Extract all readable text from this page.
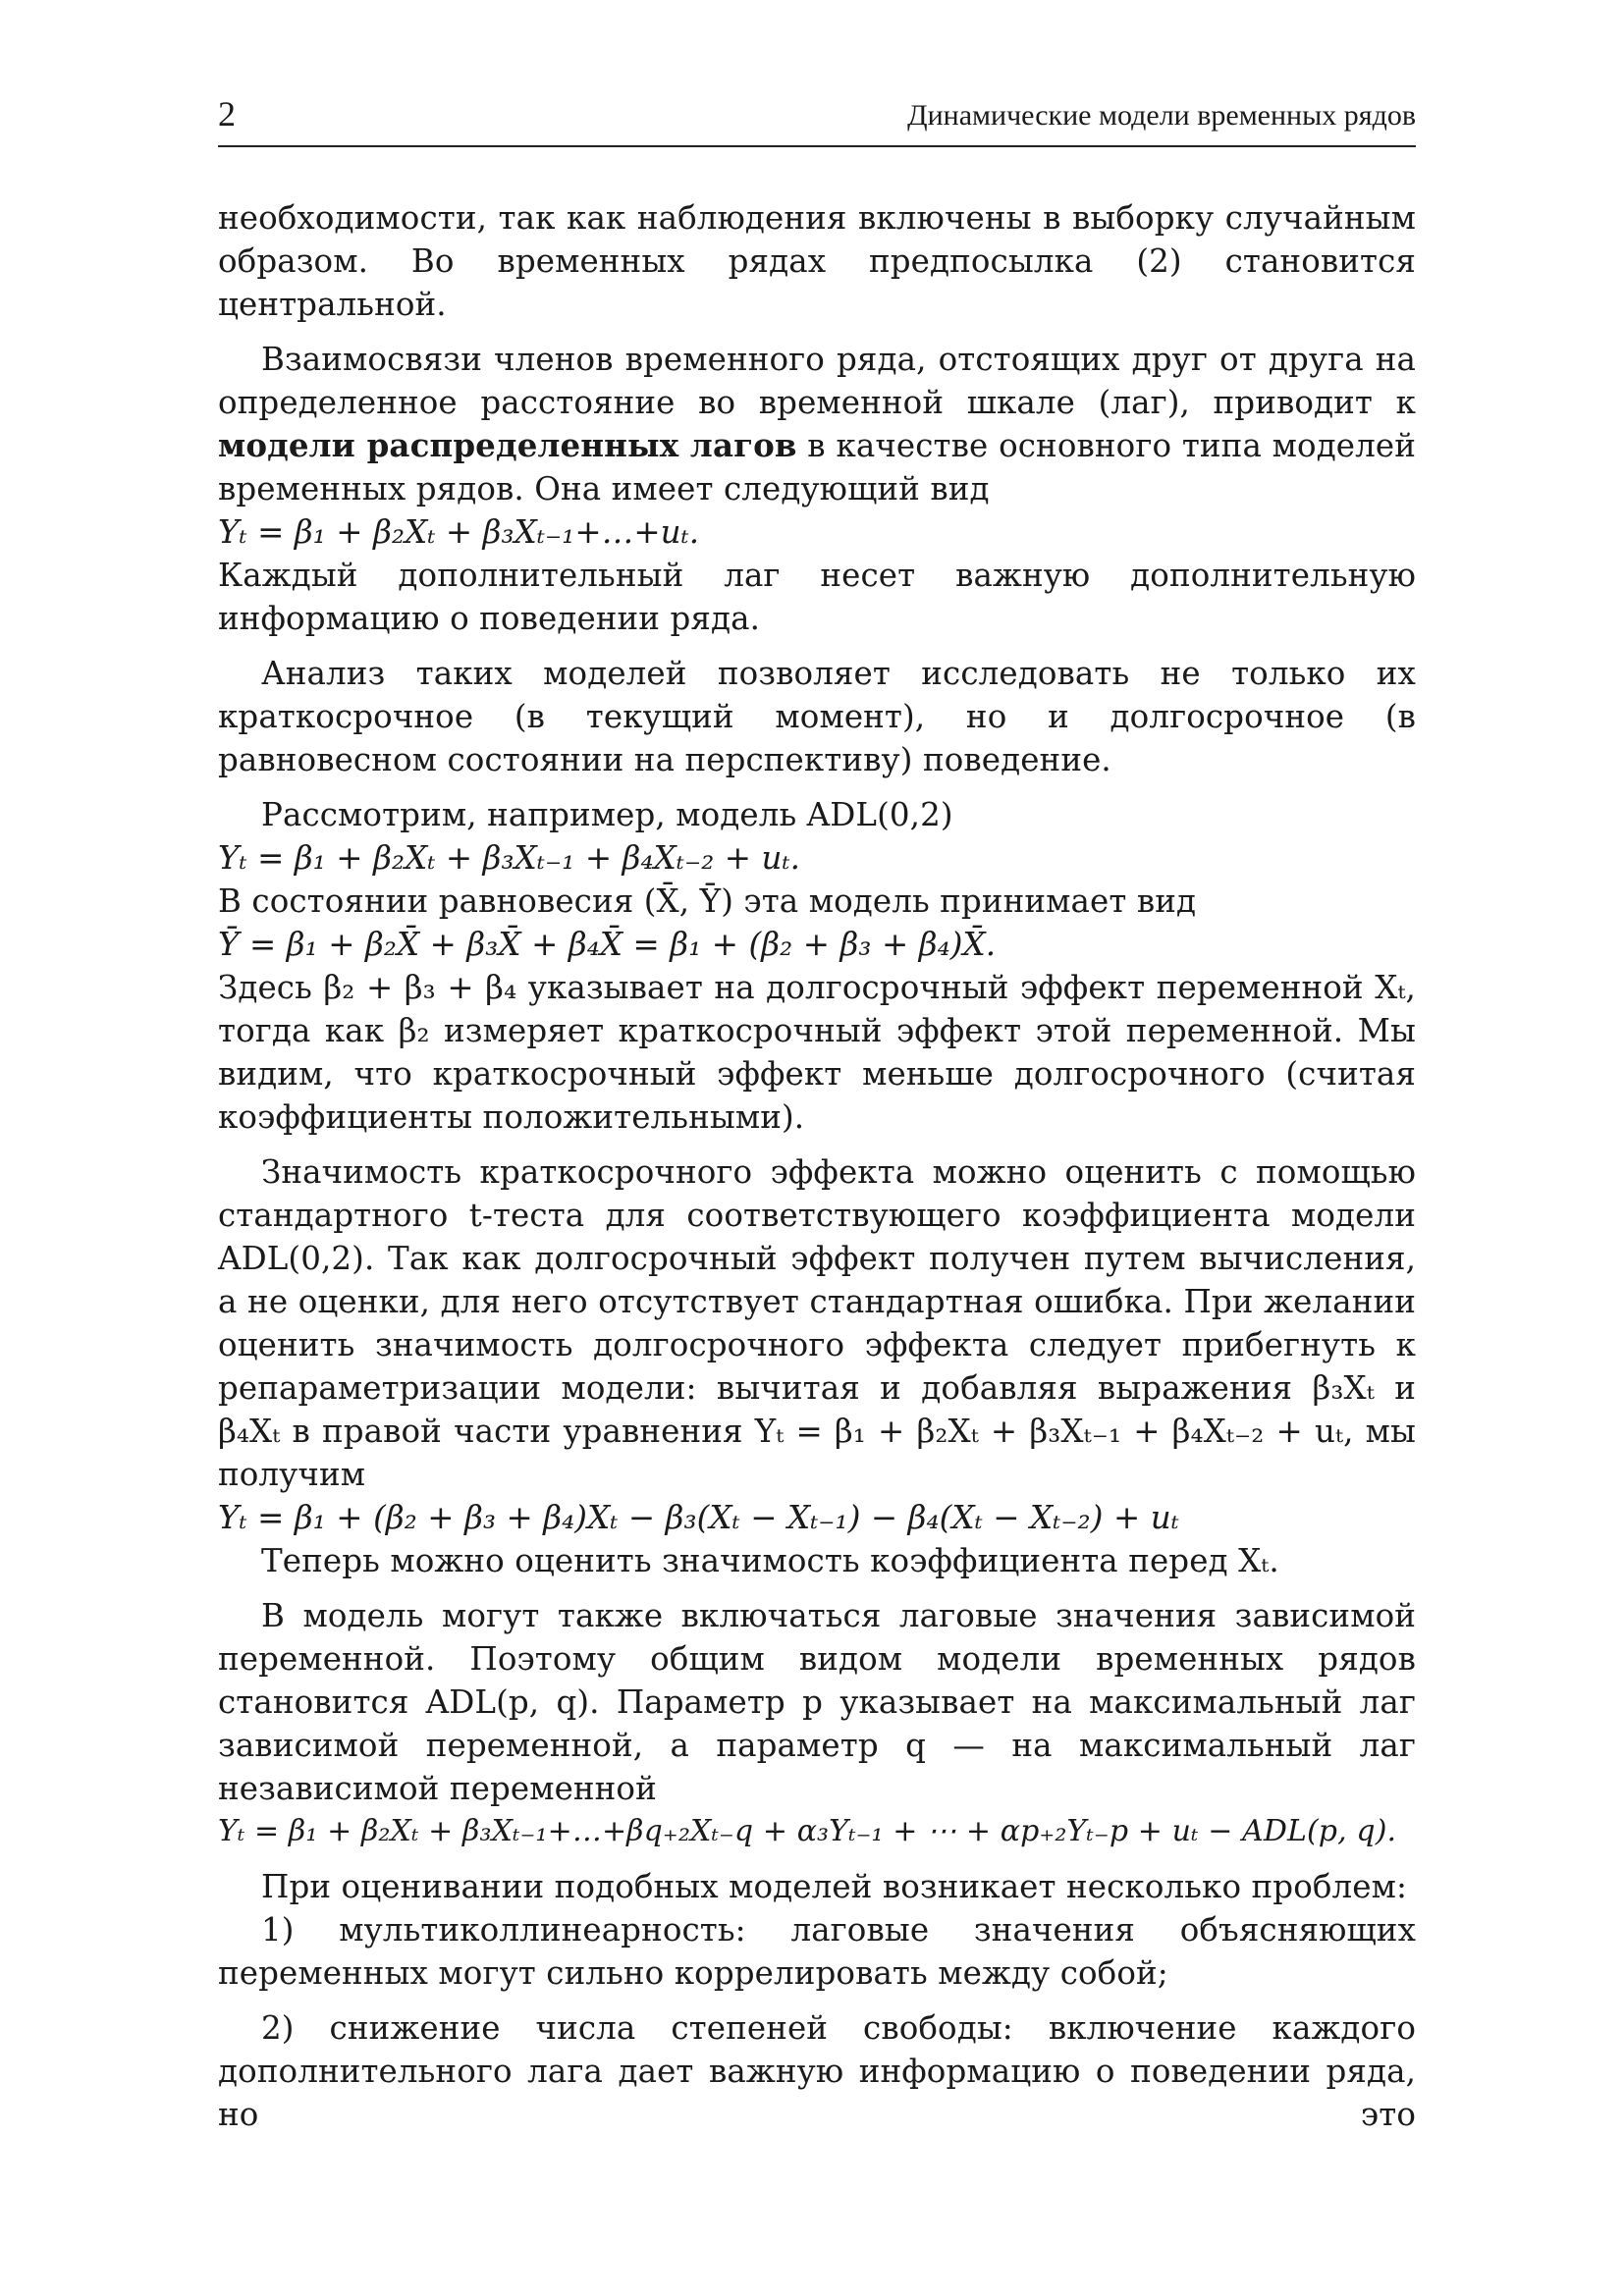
2	Динамические модели временных рядов

необходимости, так как наблюдения включены в выборку случайным образом. Во временных рядах предпосылка (2) становится центральной.

Взаимосвязи членов временного ряда, отстоящих друг от друга на определенное расстояние во временной шкале (лаг), приводит к модели распределенных лагов в качестве основного типа моделей временных рядов. Она имеет следующий вид

Yₜ = β₁ + β₂Xₜ + β₃Xₜ₋₁+…+uₜ.

Каждый дополнительный лаг несет важную дополнительную информацию о поведении ряда.

Анализ таких моделей позволяет исследовать не только их краткосрочное (в текущий момент), но и долгосрочное (в равновесном состоянии на перспективу) поведение.

Рассмотрим, например, модель ADL(0,2)

Yₜ = β₁ + β₂Xₜ + β₃Xₜ₋₁ + β₄Xₜ₋₂ + uₜ.

В состоянии равновесия (X̄, Ȳ) эта модель принимает вид

Ȳ = β₁ + β₂X̄ + β₃X̄ + β₄X̄ = β₁ + (β₂ + β₃ + β₄)X̄.

Здесь β₂ + β₃ + β₄ указывает на долгосрочный эффект переменной Xₜ, тогда как β₂ измеряет краткосрочный эффект этой переменной. Мы видим, что краткосрочный эффект меньше долгосрочного (считая коэффициенты положительными).

Значимость краткосрочного эффекта можно оценить с помощью стандартного t-теста для соответствующего коэффициента модели ADL(0,2). Так как долгосрочный эффект получен путем вычисления, а не оценки, для него отсутствует стандартная ошибка. При желании оценить значимость долгосрочного эффекта следует прибегнуть к репараметризации модели: вычитая и добавляя выражения β₃Xₜ и β₄Xₜ в правой части уравнения Yₜ = β₁ + β₂Xₜ + β₃Xₜ₋₁ + β₄Xₜ₋₂ + uₜ, мы получим

Yₜ = β₁ + (β₂ + β₃ + β₄)Xₜ − β₃(Xₜ − Xₜ₋₁) − β₄(Xₜ − Xₜ₋₂) + uₜ

Теперь можно оценить значимость коэффициента перед Xₜ.

В модель могут также включаться лаговые значения зависимой переменной. Поэтому общим видом модели временных рядов становится ADL(p, q). Параметр p указывает на максимальный лаг зависимой переменной, а параметр q — на максимальный лаг независимой переменной

Yₜ = β₁ + β₂Xₜ + β₃Xₜ₋₁+…+βq₊₂Xₜ₋q + α₃Yₜ₋₁ + ⋯ + αp₊₂Yₜ₋p + uₜ − ADL(p, q).

При оценивании подобных моделей возникает несколько проблем:

1) мультиколлинеарность: лаговые значения объясняющих переменных могут сильно коррелировать между собой;

2) снижение числа степеней свободы: включение каждого дополнительного лага дает важную информацию о поведении ряда, но это
